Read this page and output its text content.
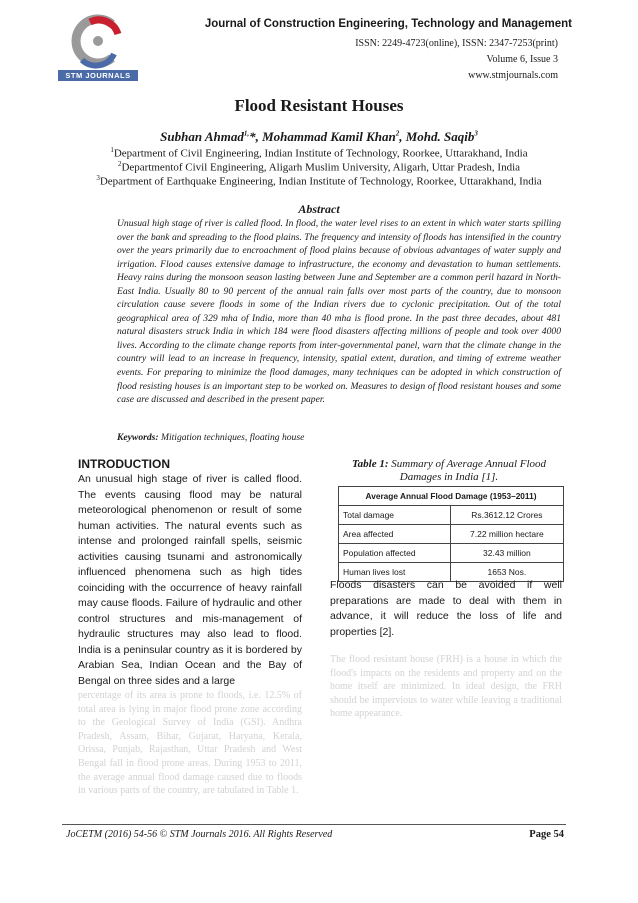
STM JOURNALS
Journal of Construction Engineering, Technology and Management
ISSN: 2249-4723(online), ISSN: 2347-7253(print)
Volume 6, Issue 3
www.stmjournals.com
Flood Resistant Houses
Subhan Ahmad$^{1,}$*, Mohammad Kamil Khan$^2$, Mohd. Saqib$^3$
$^1$Department of Civil Engineering, Indian Institute of Technology, Roorkee, Uttarakhand, India
$^2$Departmentof Civil Engineering, Aligarh Muslim University, Aligarh, Uttar Pradesh, India
$^3$Department of Earthquake Engineering, Indian Institute of Technology, Roorkee, Uttarakhand, India
Abstract
Unusual high stage of river is called flood. In flood, the water level rises to an extent in which water starts spilling over the bank and spreading to the flood plains. The frequency and intensity of floods has intensified in the country over the years primarily due to encroachment of flood plains because of obvious advantages of water supply and irrigation. Flood causes extensive damage to infrastructure, the economy and devastation to human settlements. Heavy rains during the monsoon season lasting between June and September are a common peril hazard in North-East India. Usually 80 to 90 percent of the annual rain falls over most parts of the country, due to monsoon circulation cause severe floods in some of the Indian rivers due to cyclonic precipitation. Out of the total geographical area of 329 mha of India, more than 40 mha is flood prone. In the past three decades, about 481 natural disasters struck India in which 184 were flood disasters affecting millions of people and took over 4000 lives. According to the climate change reports from inter-governmental panel, warn that the climate change in the country will lead to an increase in frequency, intensity, spatial extent, duration, and timing of extreme weather events. For preparing to minimize the flood damages, many techniques can be adopted in which construction of flood resisting houses is an important step to be worked on. Measures to design of flood resistant houses and some case are discussed and described in the present paper.
Keywords: Mitigation techniques, floating house
INTRODUCTION
An unusual high stage of river is called flood. The events causing flood may be natural meteorological phenomenon or result of some human activities. The natural events such as intense and prolonged rainfall spells, seismic activities causing tsunami and astronomically influenced phenomena such as high tides coinciding with the occurrence of heavy rainfall may cause floods. Failure of hydraulic and other control structures and mis-management of hydraulic structures may also lead to flood. India is a peninsular country as it is bordered by Arabian Sea, Indian Ocean and the Bay of Bengal on three sides and a large
percentage of its area is prone to floods, i.e. 12.5% of total area is lying in major flood prone zone according to the Geological Survey of India (GSI). Andhra Pradesh, Assam, Bihar, Gujarat, Haryana, Kerala, Orissa, Punjab, Rajasthan, Uttar Pradesh and West Bengal fall in flood prone areas. During 1953 to 2011, the average annual flood damage caused due to floods in various parts of the country, are tabulated in Table 1.
Table 1: Summary of Average Annual Flood Damages in India [1].
Average Annual Flood Damage (1953–2011)	
Total damage	Rs.3612.12 Crores
Area affected	7.22 million hectare
Population affected	32.43 million
Human lives lost	1653 Nos.
Floods disasters can be avoided if well preparations are made to deal with them in advance, it will reduce the loss of life and properties [2].
The flood resistant house (FRH) is a house in which the flood's impacts on the residents and property and on the home itself are minimized. In ideal design, the FRH should be impervious to water while leaving a traditional home appearance.
JoCETM (2016) 54-56 © STM Journals 2016. All Rights Reserved	Page 54
